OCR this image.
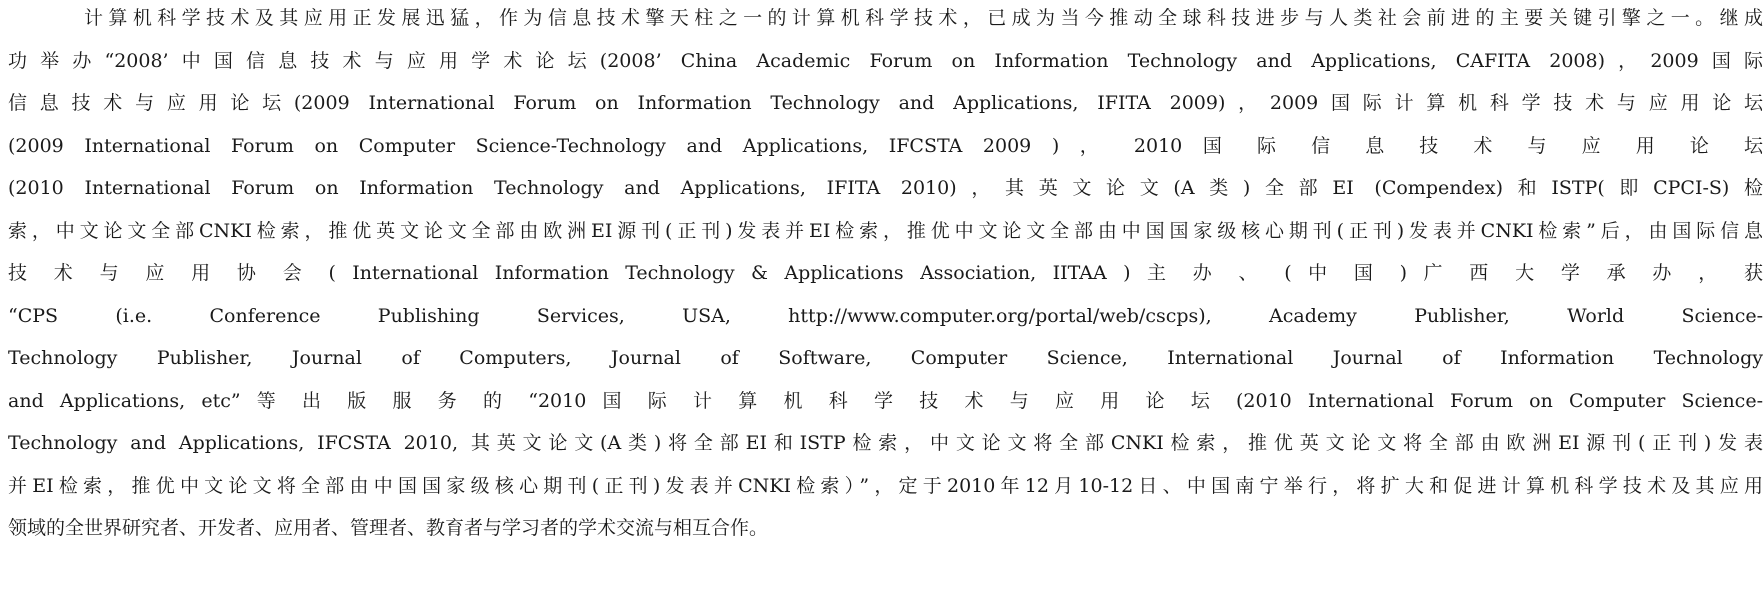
计算机科学技术及其应用正发展迅猛，作为信息技术擎天柱之一的计算机科学技术，已成为当今推动全球科技进步与人类社会前进的主要关键引擎之一。继成
功举办“2008’中国信息技术与应用学术论坛(2008’ China Academic Forum on Information Technology and Applications, CAFITA 2008)，2009国际
信息技术与应用论坛(2009 International Forum on Information Technology and Applications, IFITA 2009)，2009国际计算机科学技术与应用论坛
(2009 International Forum on Computer Science-Technology and Applications, IFCSTA 2009 ) ， 2010 国 际 信 息 技 术 与 应 用 论 坛
(2010 International Forum on Information Technology and Applications, IFITA 2010)，其英文论文(A类)全部EI (Compendex)和ISTP(即CPCI-S)检
索，中文论文全部CNKI检索，推优英文论文全部由欧洲EI源刊(正刊)发表并EI检索，推优中文论文全部由中国国家级核心期刊(正刊)发表并CNKI检索”后，由国际信息
技 术 与 应 用 协 会 ( International Information Technology & Applications Association, IITAA ) 主 办 、 ( 中 国 ) 广 西 大 学 承 办 ， 获
“CPS (i.e. Conference Publishing Services, USA, http://www.computer.org/portal/web/cscps), Academy Publisher, World Science-
Technology Publisher, Journal of Computers, Journal of Software, Computer Science, International Journal of Information Technology
and Applications, etc” 等 出 版 服 务 的 “2010 国 际 计 算 机 科 学 技 术 与 应 用 论 坛 (2010 International Forum on Computer Science-
Technology and Applications, IFCSTA 2010, 其英文论文(A类)将全部EI和ISTP检索，中文论文将全部CNKI检索，推优英文论文将全部由欧洲EI源刊(正刊)发表
并EI检索，推优中文论文将全部由中国国家级核心期刊(正刊)发表并CNKI检索）”，定于2010年12月10-12日、中国南宁举行，将扩大和促进计算机科学技术及其应用
领域的全世界研究者、开发者、应用者、管理者、教育者与学习者的学术交流与相互合作。
